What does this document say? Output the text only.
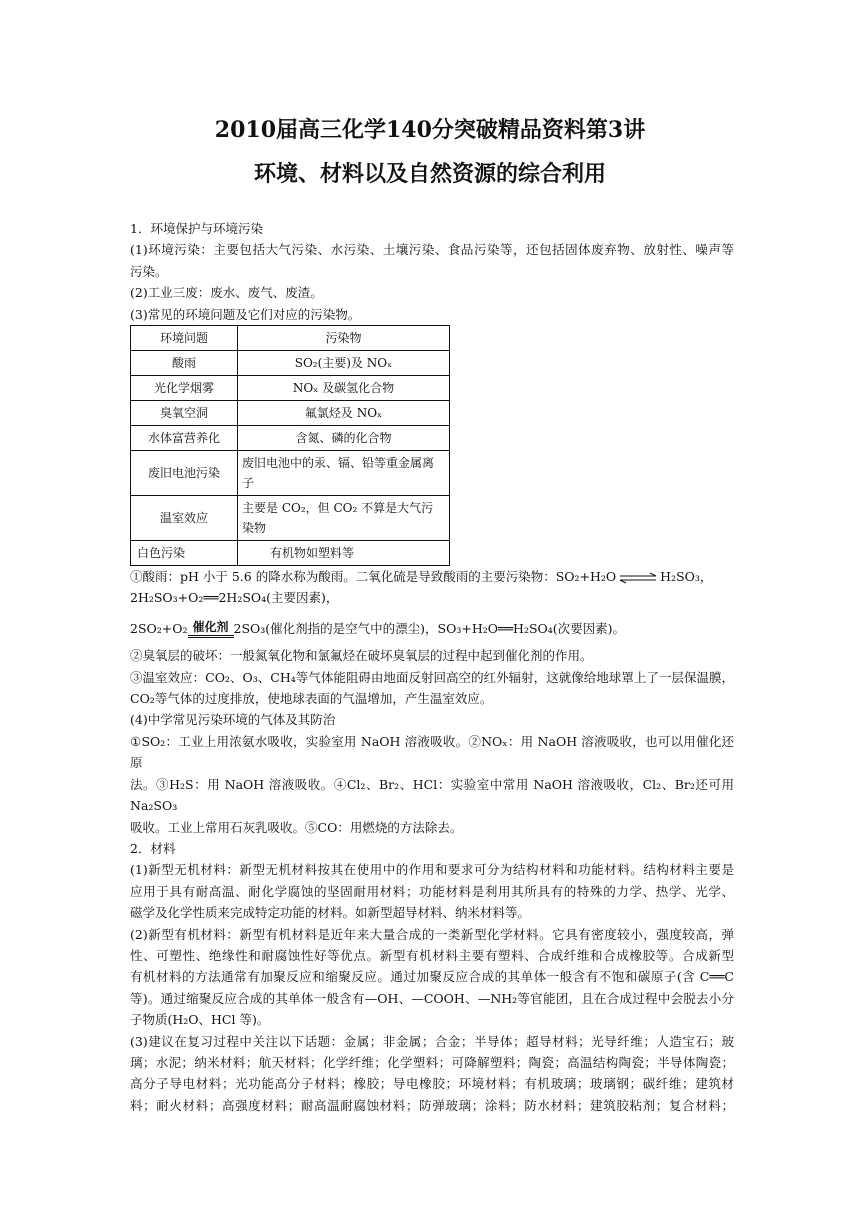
2010届高三化学140分突破精品资料第3讲
环境、材料以及自然资源的综合利用
1．环境保护与环境污染
(1)环境污染：主要包括大气污染、水污染、土壤污染、食品污染等，还包括固体废弃物、放射性、噪声等
污染。
(2)工业三废：废水、废气、废渣。
(3)常见的环境问题及它们对应的污染物。
环境问题	污染物
酸雨	SO₂(主要)及 NOₓ
光化学烟雾	NOₓ 及碳氢化合物
臭氧空洞	氟氯烃及 NOₓ
水体富营养化	含氮、磷的化合物
废旧电池污染	废旧电池中的汞、镉、铅等重金属离子
温室效应	主要是 CO₂，但 CO₂ 不算是大气污染物
白色污染	有机物如塑料等
①酸雨：pH 小于 5.6 的降水称为酸雨。二氧化硫是导致酸雨的主要污染物：SO₂+H₂O ⇌ H₂SO₃，
2H₂SO₃+O₂══2H₂SO₄(主要因素)，
2SO₂+O₂ 催化剂 2SO₃(催化剂指的是空气中的漂尘)，SO₃+H₂O══H₂SO₄(次要因素)。
②臭氧层的破坏：一般氮氧化物和氯氟烃在破坏臭氧层的过程中起到催化剂的作用。
③温室效应：CO₂、O₃、CH₄等气体能阻碍由地面反射回高空的红外辐射，这就像给地球罩上了一层保温膜，
CO₂等气体的过度排放，使地球表面的气温增加，产生温室效应。
(4)中学常见污染环境的气体及其防治
①SO₂：工业上用浓氨水吸收，实验室用 NaOH 溶液吸收。②NOₓ：用 NaOH 溶液吸收，也可以用催化还原
法。③H₂S：用 NaOH 溶液吸收。④Cl₂、Br₂、HCl：实验室中常用 NaOH 溶液吸收，Cl₂、Br₂还可用 Na₂SO₃
吸收。工业上常用石灰乳吸收。⑤CO：用燃烧的方法除去。
2．材料
(1)新型无机材料：新型无机材料按其在使用中的作用和要求可分为结构材料和功能材料。结构材料主要是
应用于具有耐高温、耐化学腐蚀的坚固耐用材料；功能材料是利用其所具有的特殊的力学、热学、光学、
磁学及化学性质来完成特定功能的材料。如新型超导材料、纳米材料等。
(2)新型有机材料：新型有机材料是近年来大量合成的一类新型化学材料。它具有密度较小，强度较高，弹
性、可塑性、绝缘性和耐腐蚀性好等优点。新型有机材料主要有塑料、合成纤维和合成橡胶等。合成新型
有机材料的方法通常有加聚反应和缩聚反应。通过加聚反应合成的其单体一般含有不饱和碳原子(含 C══C
等)。通过缩聚反应合成的其单体一般含有—OH、—COOH、—NH₂等官能团，且在合成过程中会脱去小分
子物质(H₂O、HCl 等)。
(3)建议在复习过程中关注以下话题：金属；非金属；合金；半导体；超导材料；光导纤维；人造宝石；玻
璃；水泥；纳米材料；航天材料；化学纤维；化学塑料；可降解塑料；陶瓷；高温结构陶瓷；半导体陶瓷；
高分子导电材料；光功能高分子材料；橡胶；导电橡胶；环境材料；有机玻璃；玻璃钢；碳纤维；建筑材
料；耐火材料；高强度材料；耐高温耐腐蚀材料；防弹玻璃；涂料；防水材料；建筑胶粘剂；复合材料；
